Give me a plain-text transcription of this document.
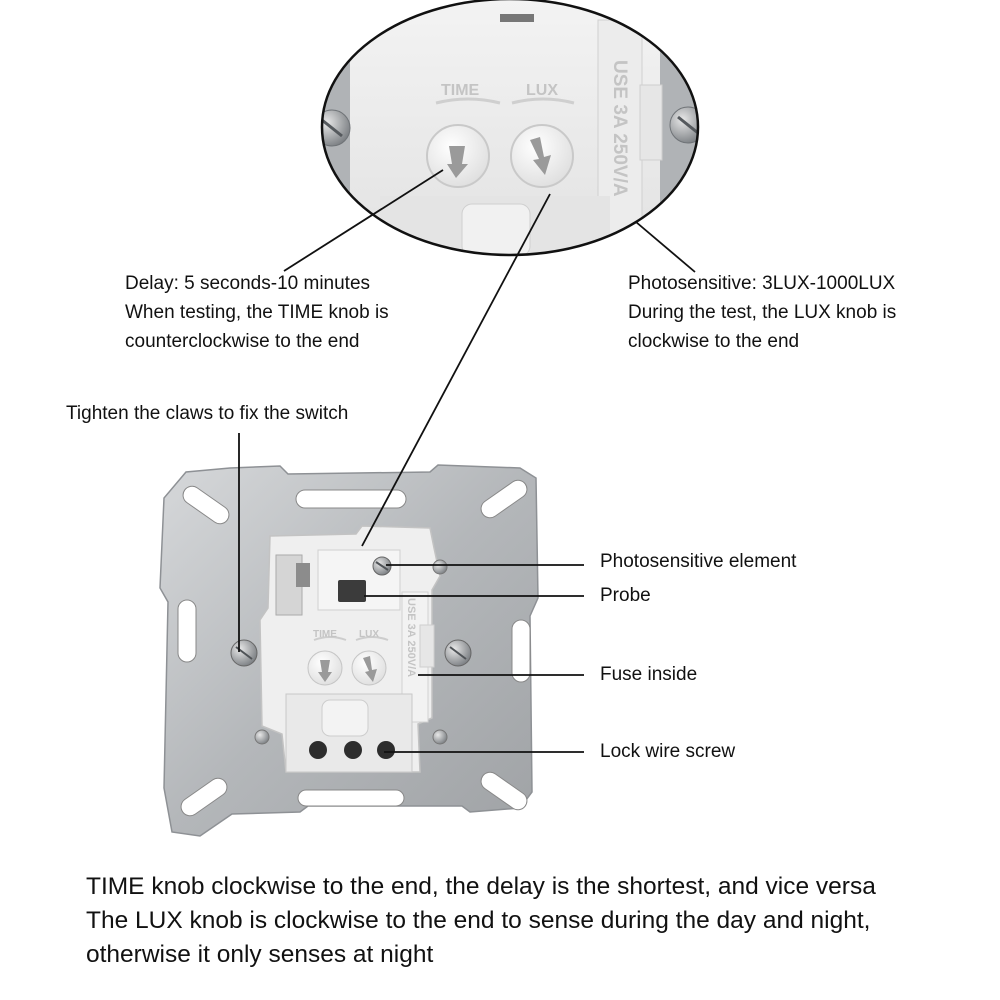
TIME	LUX	USE 3A 250V/A
TIME LUX USE 3A 250V/A
Delay: 5 seconds-10 minutes
When testing, the TIME knob is
counterclockwise to the end
Photosensitive: 3LUX-1000LUX
During the test, the LUX knob is
clockwise to the end
Tighten the claws to fix the switch
Photosensitive element
Probe
Fuse inside
Lock wire screw
TIME knob clockwise to the end, the delay is the shortest, and vice versa
The LUX knob is clockwise to the end to sense during the day and night,
otherwise it only senses at night
